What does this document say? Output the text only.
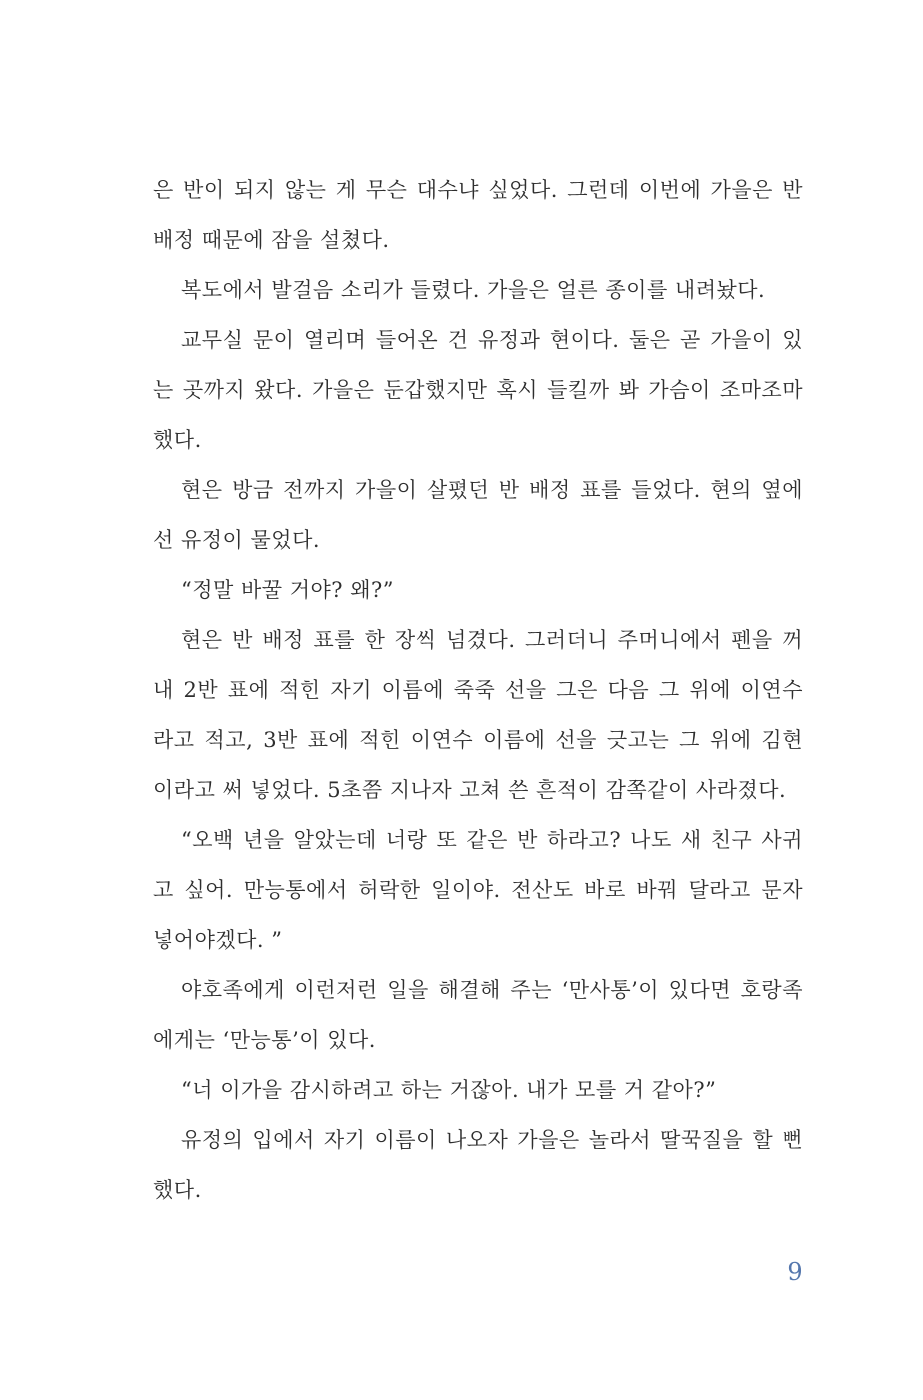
은 반이 되지 않는 게 무슨 대수냐 싶었다. 그런데 이번에 가을은 반

배정 때문에 잠을 설쳤다.

복도에서 발걸음 소리가 들렸다. 가을은 얼른 종이를 내려놨다.

교무실 문이 열리며 들어온 건 유정과 현이다. 둘은 곧 가을이 있

는 곳까지 왔다. 가을은 둔갑했지만 혹시 들킬까 봐 가슴이 조마조마

했다.

현은 방금 전까지 가을이 살폈던 반 배정 표를 들었다. 현의 옆에

선 유정이 물었다.

“정말 바꿀 거야? 왜?”

현은 반 배정 표를 한 장씩 넘겼다. 그러더니 주머니에서 펜을 꺼

내 2반 표에 적힌 자기 이름에 죽죽 선을 그은 다음 그 위에 이연수

라고 적고, 3반 표에 적힌 이연수 이름에 선을 긋고는 그 위에 김현

이라고 써 넣었다. 5초쯤 지나자 고쳐 쓴 흔적이 감쪽같이 사라졌다.

“오백 년을 알았는데 너랑 또 같은 반 하라고? 나도 새 친구 사귀

고 싶어. 만능통에서 허락한 일이야. 전산도 바로 바꿔 달라고 문자

넣어야겠다. ”

야호족에게 이런저런 일을 해결해 주는 ‘만사통’이 있다면 호랑족

에게는 ‘만능통’이 있다.

“너 이가을 감시하려고 하는 거잖아. 내가 모를 거 같아?”

유정의 입에서 자기 이름이 나오자 가을은 놀라서 딸꾹질을 할 뻔

했다.

9
